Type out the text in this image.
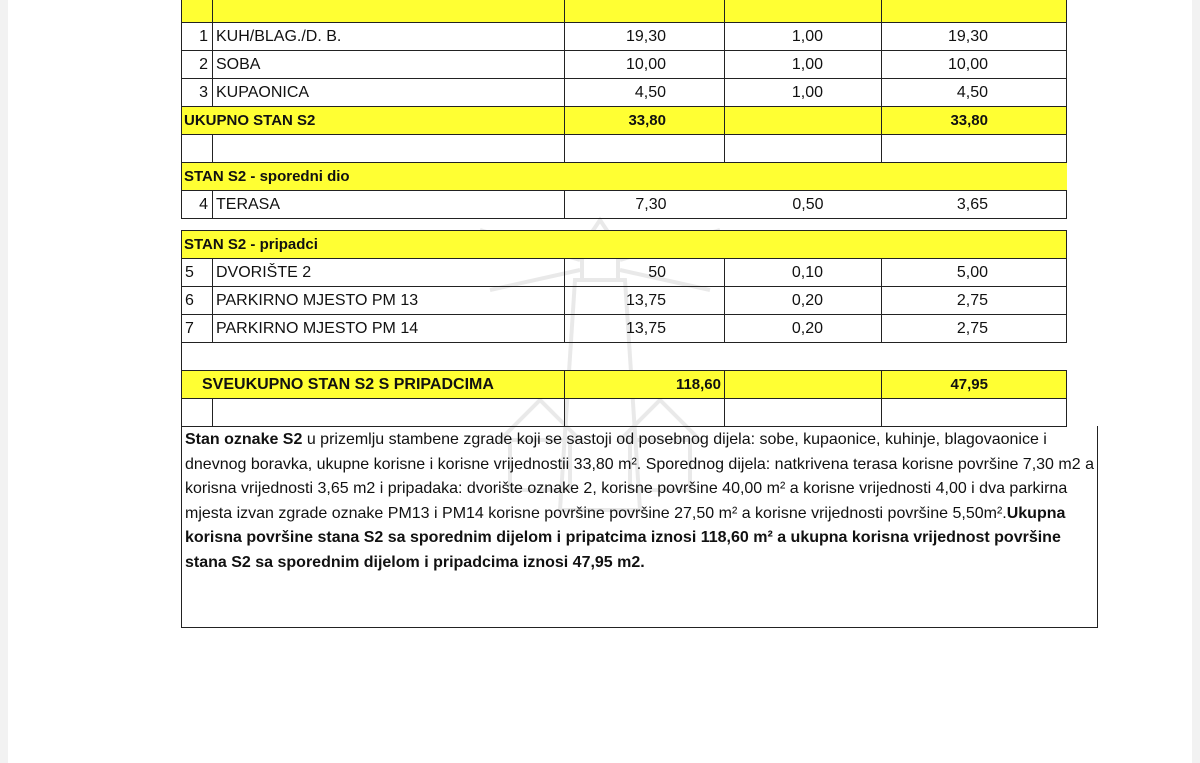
1	KUH/BLAG./D. B.	19,30	1,00	19,30
2	SOBA	10,00	1,00	10,00
3	KUPAONICA	4,50	1,00	4,50
UKUPNO STAN S2		33,80		33,80

STAN S2 - sporedni dio				
4	TERASA	7,30	0,50	3,65
STAN S2 - pripadci				
5	DVORIŠTE 2	50	0,10	5,00
6	PARKIRNO MJESTO PM 13	13,75	0,20	2,75
7	PARKIRNO MJESTO PM 14	13,75	0,20	2,75

SVEUKUPNO STAN S2 S PRIPADCIMA		118,60		47,95

Stan oznake S2 u prizemlju stambene zgrade koji se sastoji od posebnog dijela: sobe, kupaonice, kuhinje, blagovaonice i dnevnog boravka, ukupne korisne i korisne vrijednostii 33,80 m². Sporednog dijela: natkrivena terasa korisne površine 7,30 m2 a korisna vrijednosti 3,65 m2 i pripadaka: dvorište oznake 2, korisne površine 40,00 m² a korisne vrijednosti 4,00 i dva parkirna mjesta izvan zgrade oznake PM13 i PM14 korisne površine površine 27,50 m² a korisne vrijednosti površine 5,50m².Ukupna korisna površine stana S2 sa sporednim dijelom i pripatcima iznosi 118,60 m² a ukupna korisna vrijednost površine stana S2 sa sporednim dijelom i pripadcima iznosi 47,95 m2.
